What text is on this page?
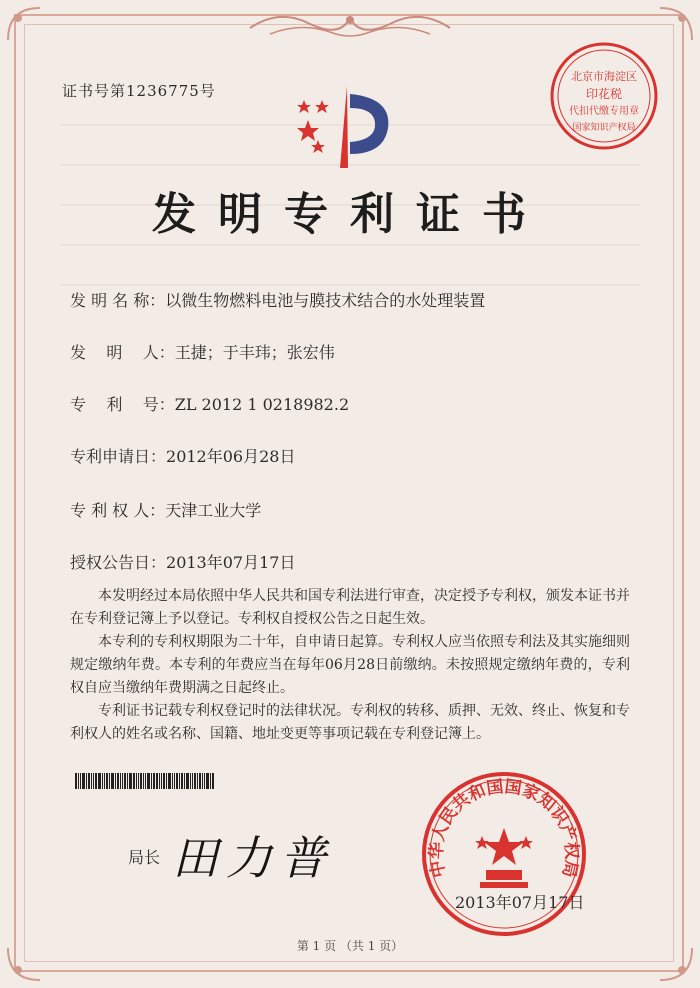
证书号第1236775号
北京市海淀区
印花税
代扣代缴专用章
国家知识产权局
发明专利证书
发 明 名 称：以微生物燃料电池与膜技术结合的水处理装置
发    明    人：王捷；于丰玮；张宏伟
专    利    号：ZL 2012 1 0218982.2
专利申请日：2012年06月28日
专 利 权 人：天津工业大学
授权公告日：2013年07月17日

本发明经过本局依照中华人民共和国专利法进行审查，决定授予专利权，颁发本证书并在专利登记簿上予以登记。专利权自授权公告之日起生效。

本专利的专利权期限为二十年，自申请日起算。专利权人应当依照专利法及其实施细则规定缴纳年费。本专利的年费应当在每年06月28日前缴纳。未按照规定缴纳年费的，专利权自应当缴纳年费期满之日起终止。

专利证书记载专利权登记时的法律状况。专利权的转移、质押、无效、终止、恢复和专利权人的姓名或名称、国籍、地址变更等事项记载在专利登记簿上。

局长 田力普	中华人民共和国国家知识产权局
2013年07月17日
第 1 页 （共 1 页）
